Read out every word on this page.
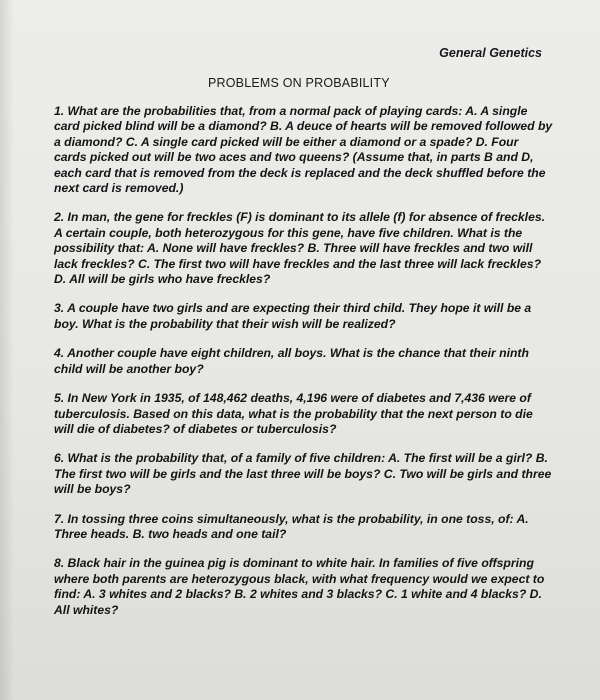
General Genetics
PROBLEMS ON PROBABILITY
1. What are the probabilities that, from a normal pack of playing cards: A. A single card picked blind will be a diamond? B. A deuce of hearts will be removed followed by a diamond? C. A single card picked will be either a diamond or a spade? D. Four cards picked out will be two aces and two queens? (Assume that, in parts B and D, each card that is removed from the deck is replaced and the deck shuffled before the next card is removed.)
2. In man, the gene for freckles (F) is dominant to its allele (f) for absence of freckles. A certain couple, both heterozygous for this gene, have five children. What is the possibility that: A. None will have freckles? B. Three will have freckles and two will lack freckles? C. The first two will have freckles and the last three will lack freckles? D. All will be girls who have freckles?
3. A couple have two girls and are expecting their third child. They hope it will be a boy. What is the probability that their wish will be realized?
4. Another couple have eight children, all boys. What is the chance that their ninth child will be another boy?
5. In New York in 1935, of 148,462 deaths, 4,196 were of diabetes and 7,436 were of tuberculosis. Based on this data, what is the probability that the next person to die will die of diabetes? of diabetes or tuberculosis?
6. What is the probability that, of a family of five children: A. The first will be a girl? B. The first two will be girls and the last three will be boys? C. Two will be girls and three will be boys?
7. In tossing three coins simultaneously, what is the probability, in one toss, of: A. Three heads. B. two heads and one tail?
8. Black hair in the guinea pig is dominant to white hair. In families of five offspring where both parents are heterozygous black, with what frequency would we expect to find: A. 3 whites and 2 blacks? B. 2 whites and 3 blacks? C. 1 white and 4 blacks? D. All whites?
